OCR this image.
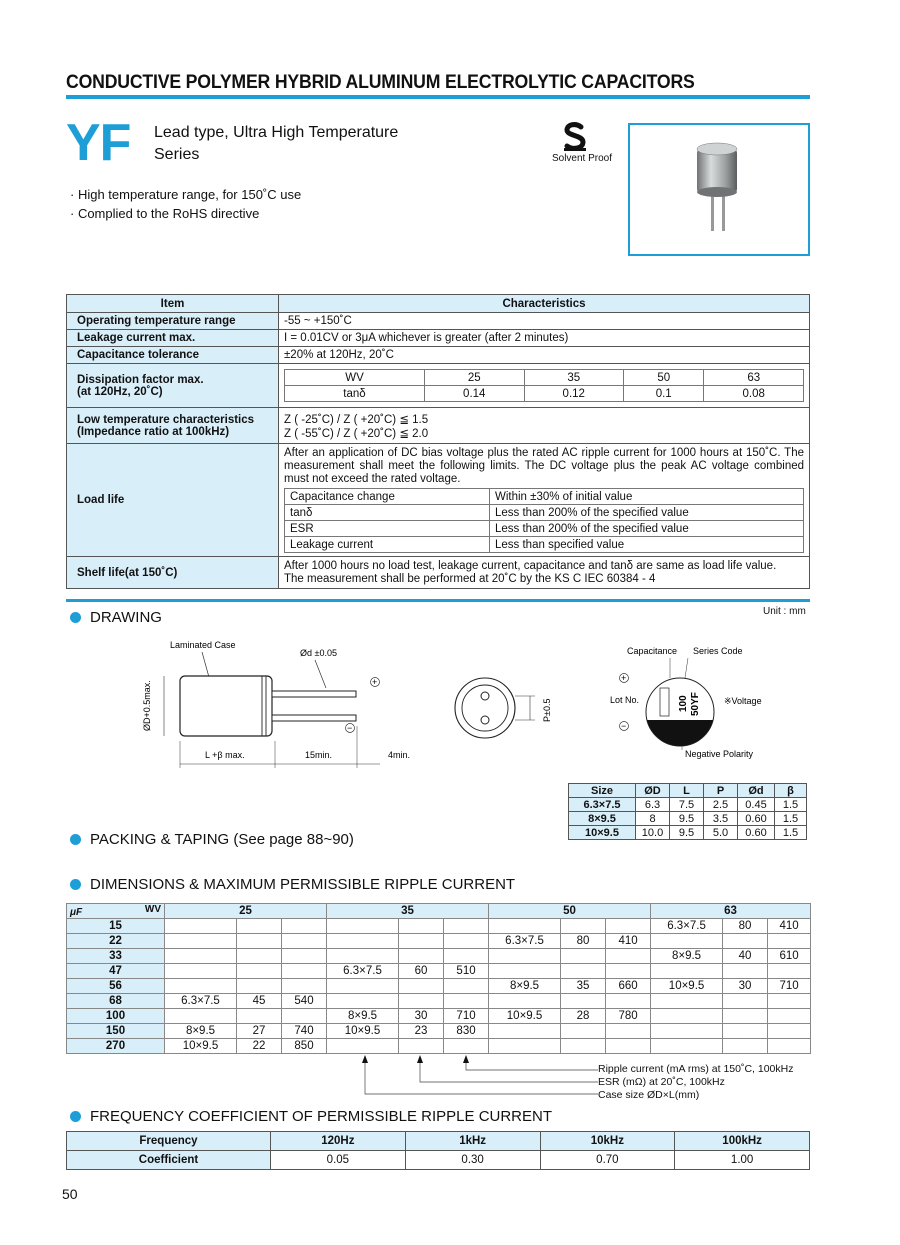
CONDUCTIVE POLYMER HYBRID ALUMINUM ELECTROLYTIC CAPACITORS
YF Lead type, Ultra High Temperature
Series	Solvent Proof
· High temperature range, for 150˚C use
· Complied to the RoHS directive
Item	Characteristics
Operating temperature range	-55 ~ +150˚C
Leakage current max.	I = 0.01CV or 3μA whichever is greater (after 2 minutes)
Capacitance tolerance	±20% at 120Hz, 20˚C

Dissipation factor max.
(at 120Hz, 20˚C)

WV	25	35	50	63
tanδ	0.14	0.12	0.1	0.08

Low temperature characteristics
(Impedance ratio at 100kHz)

Z ( -25˚C) / Z ( +20˚C) ≦ 1.5
Z ( -55˚C) / Z ( +20˚C) ≦ 2.0

Load life	
After an application of DC bias voltage plus the rated AC ripple current for 1000 hours at 150˚C. The measurement shall meet the following limits. The DC voltage plus the peak AC voltage combined must not exceed the rated voltage.
Capacitance change	Within ±30% of initial value
tanδ	Less than 200% of the specified value
ESR	Less than 200% of the specified value
Leakage current	Less than specified value

Shelf life(at 150˚C)	
After 1000 hours no load test, leakage current, capacitance and tanδ are same as load life value.
The measurement shall be performed at 20˚C by the KS C IEC 60384 - 4
DRAWING	Unit : mm
Laminated Case
+
−
Ød ±0.05
ØD+0.5max.
L +β max.	15min.	4min.
P±0.5
Capacitance Series Code
100 50YF
+
−
Lot No.	※Voltage
Negative Polarity
Size	ØD	L	P	Ød	β
6.3×7.5	6.3	7.5	2.5	0.45	1.5
8×9.5	8	9.5	3.5	0.60	1.5
10×9.5	10.0	9.5	5.0	0.60	1.5
PACKING & TAPING (See page 88~90)
DIMENSIONS & MAXIMUM PERMISSIBLE RIPPLE CURRENT
μF WV	25			35			50			63		
15										6.3×7.5	80	410
22							6.3×7.5	80	410			
33										8×9.5	40	610
47				6.3×7.5	60	510						
56							8×9.5	35	660	10×9.5	30	710
68	6.3×7.5	45	540									
100				8×9.5	30	710	10×9.5	28	780			
150	8×9.5	27	740	10×9.5	23	830						
270	10×9.5	22	850									
Ripple current (mA rms) at 150˚C, 100kHz
ESR (mΩ) at 20˚C, 100kHz
Case size ØD×L(mm)
FREQUENCY COEFFICIENT OF PERMISSIBLE RIPPLE CURRENT
Frequency	120Hz	1kHz	10kHz	100kHz
Coefficient	0.05	0.30	0.70	1.00
50
